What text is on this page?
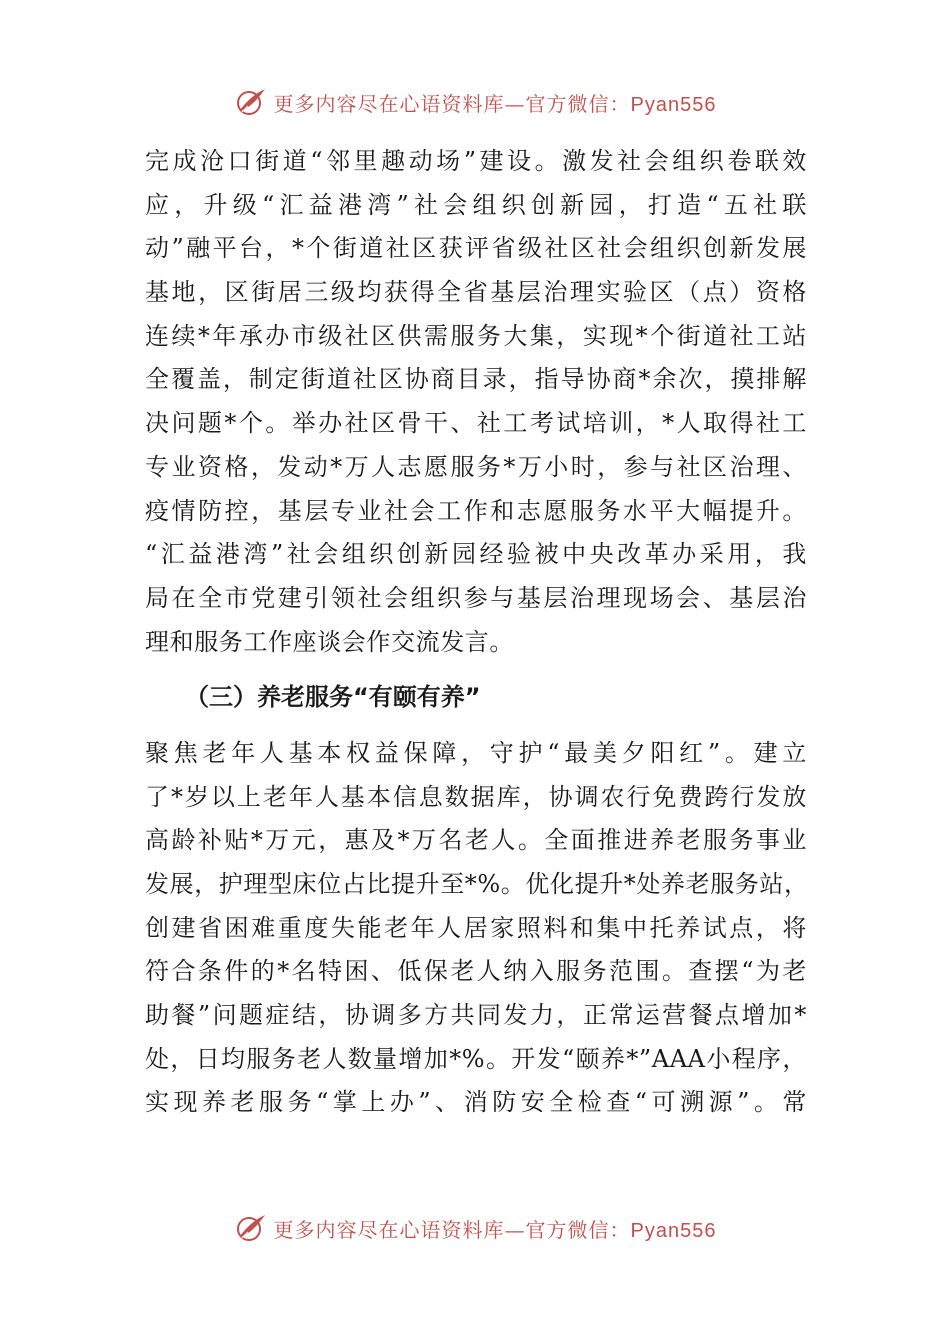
更多内容尽在心语资料库—官方微信：Pyan556
完成沧口街道“邻里趣动场”建设。激发社会组织卷联效
应，升级“汇益港湾”社会组织创新园，打造“五社联
动”融平台，*个街道社区获评省级社区社会组织创新发展
基地，区街居三级均获得全省基层治理实验区（点）资格
连续*年承办市级社区供需服务大集，实现*个街道社工站
全覆盖，制定街道社区协商目录，指导协商*余次，摸排解
决问题*个。举办社区骨干、社工考试培训，*人取得社工
专业资格，发动*万人志愿服务*万小时，参与社区治理、
疫情防控，基层专业社会工作和志愿服务水平大幅提升。
“汇益港湾”社会组织创新园经验被中央改革办采用，我
局在全市党建引领社会组织参与基层治理现场会、基层治
理和服务工作座谈会作交流发言。
（三）养老服务“有颐有养”
聚焦老年人基本权益保障，守护“最美夕阳红”。建立
了*岁以上老年人基本信息数据库，协调农行免费跨行发放
高龄补贴*万元，惠及*万名老人。全面推进养老服务事业
发展，护理型床位占比提升至*%。优化提升*处养老服务站，
创建省困难重度失能老年人居家照料和集中托养试点，将
符合条件的*名特困、低保老人纳入服务范围。查摆“为老
助餐”问题症结，协调多方共同发力，正常运营餐点增加*
处，日均服务老人数量增加*%。开发“颐养*”AAA小程序，
实现养老服务“掌上办”、消防安全检查“可溯源”。常
更多内容尽在心语资料库—官方微信：Pyan556
